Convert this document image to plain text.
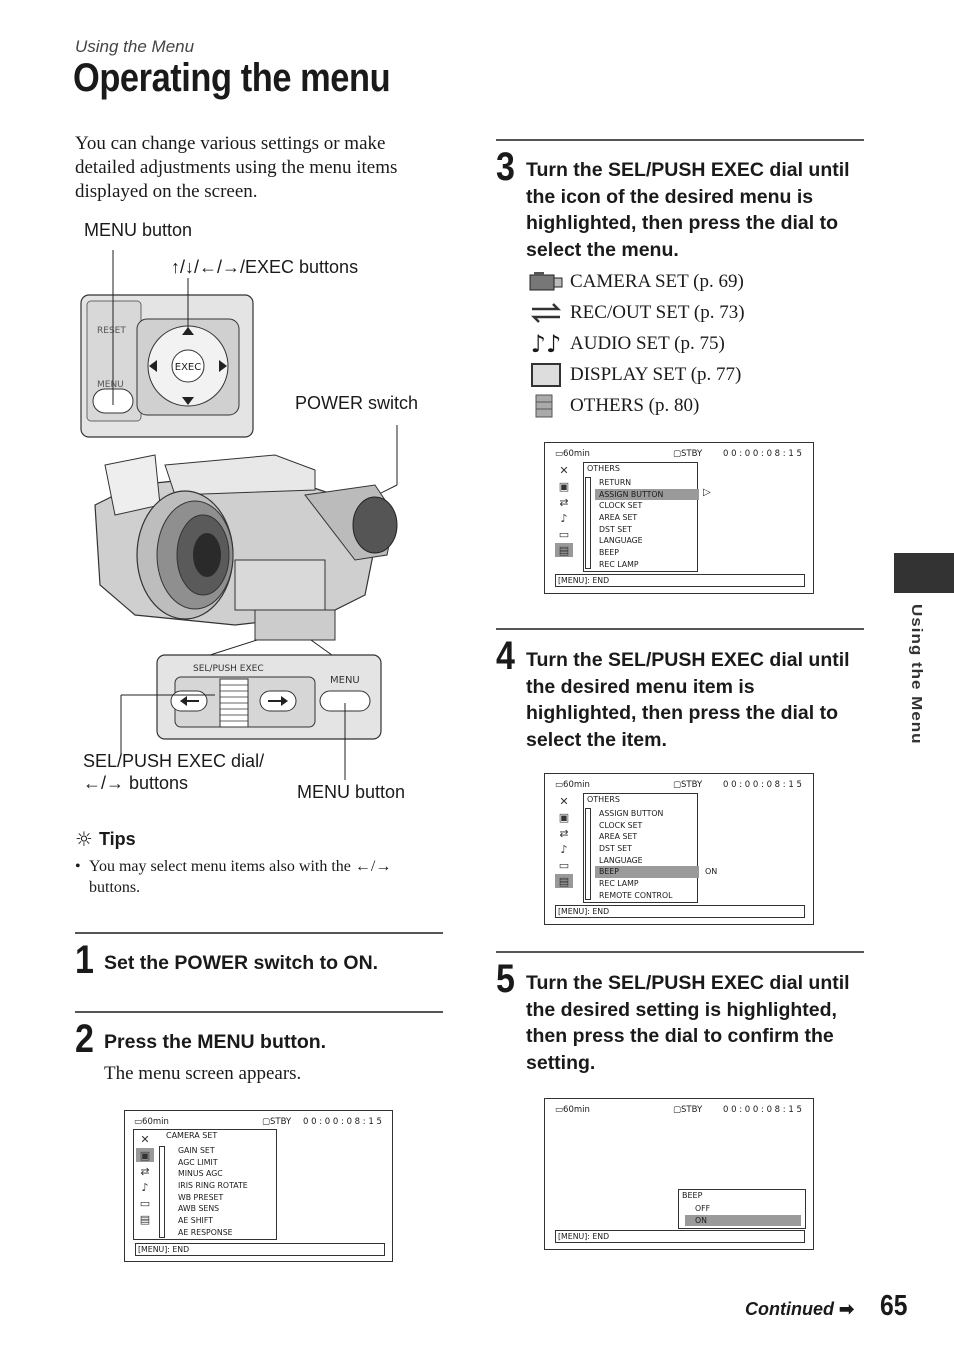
Using the Menu
Operating the menu
You can change various settings or make detailed adjustments using the menu items displayed on the screen.
MENU button
↑/↓/←/→/EXEC buttons
POWER switch
SEL/PUSH EXEC dial/
←/→ buttons	MENU button
EXEC
RESET
MENU
SEL/PUSH EXEC
MENU
☼ Tips
• You may select menu items also with the ←/→ buttons.
1 Set the POWER switch to ON.
2 Press the MENU button.
The menu screen appears.
▭60min	▢STBY 0 0 : 0 0 : 0 8 : 1 5
CAMERA SET
✕
▣
⇄
♪
▭
▤
GAIN SET
AGC LIMIT
MINUS AGC
IRIS RING ROTATE
WB PRESET
AWB SENS
AE SHIFT
AE RESPONSE
[MENU]: END
3 Turn the SEL/PUSH EXEC dial until the icon of the desired menu is highlighted, then press the dial to select the menu.
CAMERA SET (p. 69)
REC/OUT SET (p. 73)
♪♪ AUDIO SET (p. 75)
DISPLAY SET (p. 77)
OTHERS (p. 80)
▭60min	▢STBY 0 0 : 0 0 : 0 8 : 1 5
✕
▣
⇄
♪
▭
▤
OTHERS
RETURN
ASSIGN BUTTON
CLOCK SET
AREA SET
DST SET
LANGUAGE
BEEP
REC LAMP
▷
[MENU]: END
4 Turn the SEL/PUSH EXEC dial until the desired menu item is highlighted, then press the dial to select the item.
▭60min	▢STBY 0 0 : 0 0 : 0 8 : 1 5
✕
▣
⇄
♪
▭
▤
OTHERS
ASSIGN BUTTON
CLOCK SET
AREA SET
DST SET
LANGUAGE
BEEP
REC LAMP
REMOTE CONTROL
ON
[MENU]: END
5 Turn the SEL/PUSH EXEC dial until the desired setting is highlighted, then press the dial to confirm the setting.
▭60min	▢STBY 0 0 : 0 0 : 0 8 : 1 5
BEEP
OFF
ON
[MENU]: END
Using the Menu
Continued ➡ 65
